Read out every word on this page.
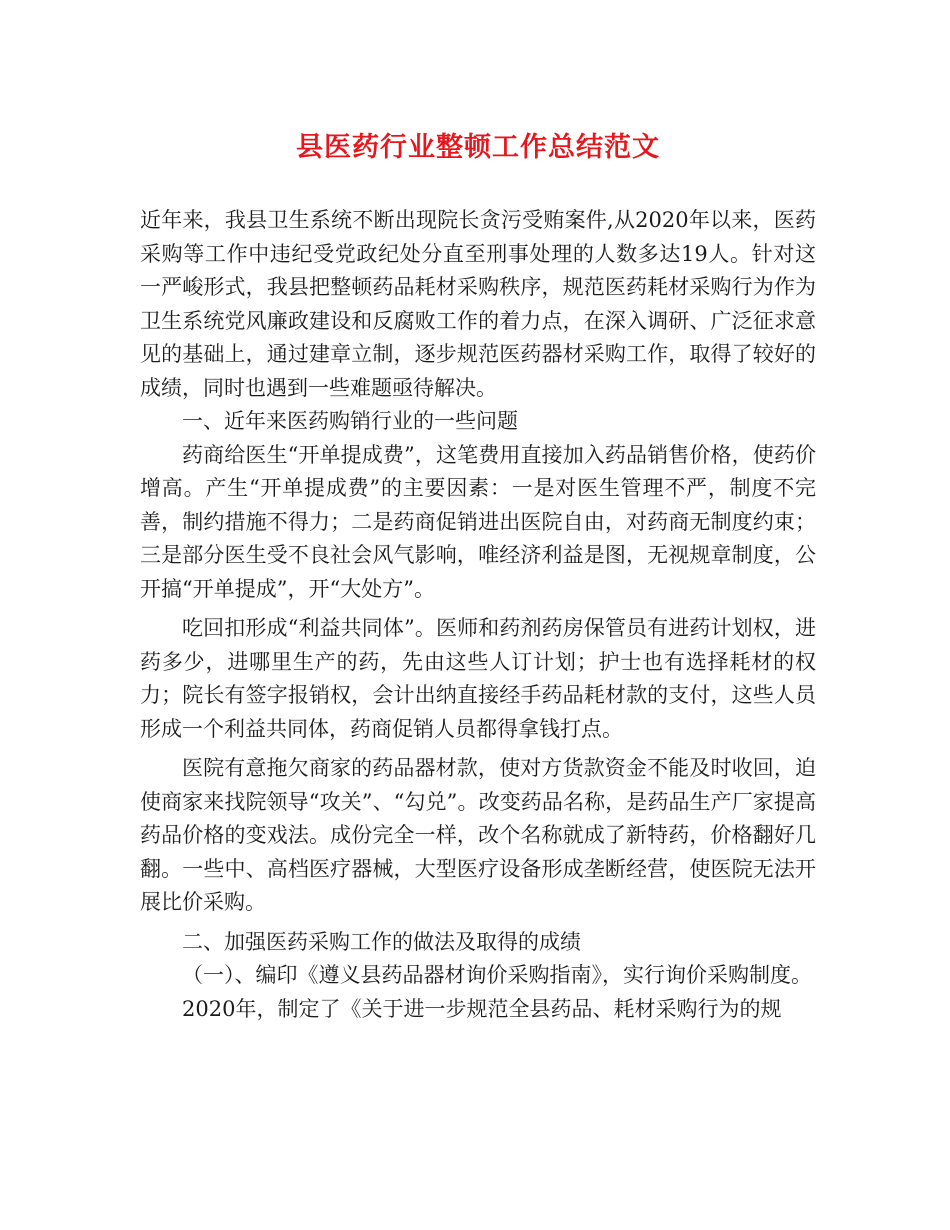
县医药行业整顿工作总结范文

近年来，我县卫生系统不断出现院长贪污受贿案件,从2020年以来，医药采购等工作中违纪受党政纪处分直至刑事处理的人数多达19人。针对这一严峻形式，我县把整顿药品耗材采购秩序，规范医药耗材采购行为作为卫生系统党风廉政建设和反腐败工作的着力点，在深入调研、广泛征求意见的基础上，通过建章立制，逐步规范医药器材采购工作，取得了较好的成绩，同时也遇到一些难题亟待解决。

一、近年来医药购销行业的一些问题

药商给医生“开单提成费”，这笔费用直接加入药品销售价格，使药价增高。产生“开单提成费”的主要因素：一是对医生管理不严，制度不完善，制约措施不得力；二是药商促销进出医院自由，对药商无制度约束；三是部分医生受不良社会风气影响，唯经济利益是图，无视规章制度，公开搞“开单提成”，开“大处方”。

吃回扣形成“利益共同体”。医师和药剂药房保管员有进药计划权，进药多少，进哪里生产的药，先由这些人订计划；护士也有选择耗材的权力；院长有签字报销权，会计出纳直接经手药品耗材款的支付，这些人员形成一个利益共同体，药商促销人员都得拿钱打点。

医院有意拖欠商家的药品器材款，使对方货款资金不能及时收回，迫使商家来找院领导“攻关”、“勾兑”。改变药品名称，是药品生产厂家提高药品价格的变戏法。成份完全一样，改个名称就成了新特药，价格翻好几翻。一些中、高档医疗器械，大型医疗设备形成垄断经营，使医院无法开展比价采购。

二、加强医药采购工作的做法及取得的成绩

（一）、编印《遵义县药品器材询价采购指南》，实行询价采购制度。

2020年，制定了《关于进一步规范全县药品、耗材采购行为的规
